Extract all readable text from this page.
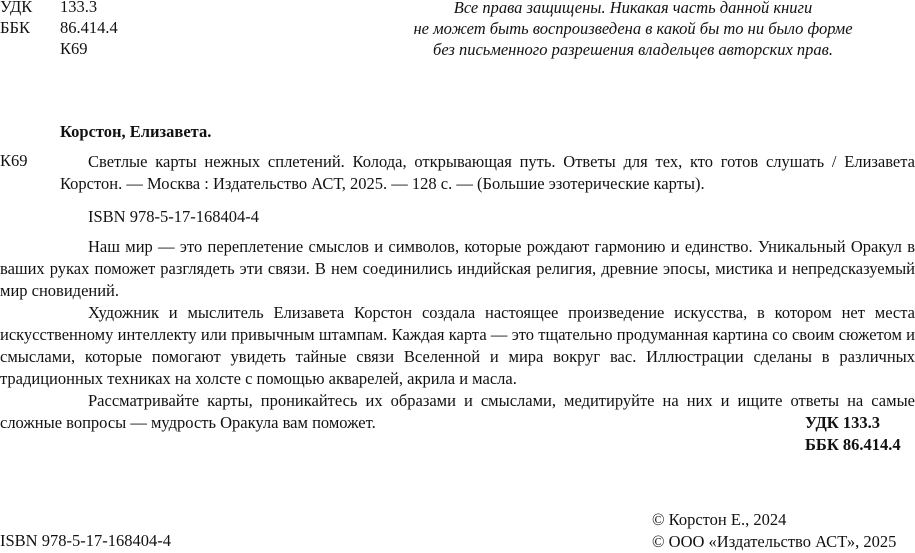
УДК 133.3
ББК 86.414.4
К69
Все права защищены. Никакая часть данной книги
не может быть воспроизведена в какой бы то ни было форме
без письменного разрешения владельцев авторских прав.
Корстон, Елизавета.
К69	Светлые карты нежных сплетений. Колода, открывающая путь. Ответы для тех, кто готов слушать / Елизавета Корстон. — Москва : Издательство АСТ, 2025. — 128 с. — (Большие эзотерические карты).
ISBN 978-5-17-168404-4

Наш мир — это переплетение смыслов и символов, которые рождают гармонию и единство. Уникальный Оракул в ваших руках поможет разглядеть эти связи. В нем соединились индийская религия, древние эпосы, мистика и непредсказуемый мир сновидений.

Художник и мыслитель Елизавета Корстон создала настоящее произведение искусства, в котором нет места искусственному интеллекту или привычным штампам. Каждая карта — это тщательно продуманная картина со своим сюжетом и смыслами, которые помогают увидеть тайные связи Вселенной и мира вокруг вас. Иллюстрации сделаны в различных традиционных техниках на холсте с помощью акварелей, акрила и масла.

Рассматривайте карты, проникайтесь их образами и смыслами, медитируйте на них и ищите ответы на самые сложные вопросы — мудрость Оракула вам поможет.	УДК 133.3
ББК 86.414.4
ISBN 978-5-17-168404-4
© Корстон Е., 2024
© ООО «Издательство АСТ», 2025
